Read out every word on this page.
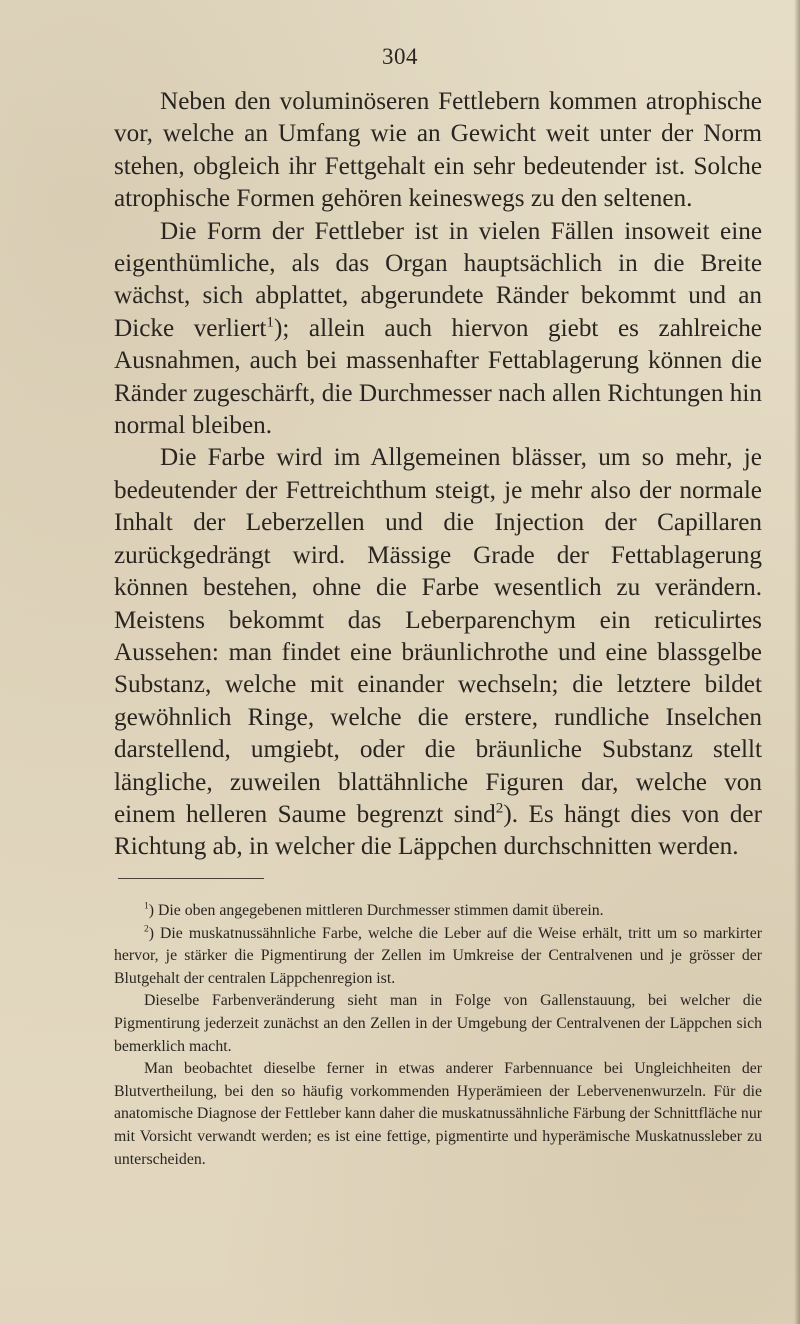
304

Neben den voluminöseren Fettlebern kommen atrophische vor, welche an Umfang wie an Gewicht weit unter der Norm stehen, obgleich ihr Fettgehalt ein sehr bedeutender ist. Solche atrophische Formen gehören keineswegs zu den seltenen.

Die Form der Fettleber ist in vielen Fällen insoweit eine eigenthümliche, als das Organ hauptsächlich in die Breite wächst, sich abplattet, abgerundete Ränder bekommt und an Dicke verliert$^1$); allein auch hiervon giebt es zahlreiche Ausnahmen, auch bei massenhafter Fettablagerung können die Ränder zugeschärft, die Durchmesser nach allen Richtungen hin normal bleiben.

Die Farbe wird im Allgemeinen blässer, um so mehr, je bedeutender der Fettreichthum steigt, je mehr also der normale Inhalt der Leberzellen und die Injection der Capillaren zurückgedrängt wird. Mässige Grade der Fettablagerung können bestehen, ohne die Farbe wesentlich zu verändern. Meistens bekommt das Leberparenchym ein reticulirtes Aussehen: man findet eine bräunlichrothe und eine blassgelbe Substanz, welche mit einander wechseln; die letztere bildet gewöhnlich Ringe, welche die erstere, rundliche Inselchen darstellend, umgiebt, oder die bräunliche Substanz stellt längliche, zuweilen blattähnliche Figuren dar, welche von einem helleren Saume begrenzt sind$^2$). Es hängt dies von der Richtung ab, in welcher die Läppchen durchschnitten werden.

$^1$) Die oben angegebenen mittleren Durchmesser stimmen damit überein.

$^2$) Die muskatnussähnliche Farbe, welche die Leber auf die Weise erhält, tritt um so markirter hervor, je stärker die Pigmentirung der Zellen im Umkreise der Centralvenen und je grösser der Blutgehalt der centralen Läppchenregion ist.

Dieselbe Farbenveränderung sieht man in Folge von Gallenstauung, bei welcher die Pigmentirung jederzeit zunächst an den Zellen in der Umgebung der Centralvenen der Läppchen sich bemerklich macht.

Man beobachtet dieselbe ferner in etwas anderer Farbennuance bei Ungleichheiten der Blutvertheilung, bei den so häufig vorkommenden Hyperämieen der Lebervenenwurzeln. Für die anatomische Diagnose der Fettleber kann daher die muskatnussähnliche Färbung der Schnittfläche nur mit Vorsicht verwandt werden; es ist eine fettige, pigmentirte und hyperämische Muskatnussleber zu unterscheiden.
